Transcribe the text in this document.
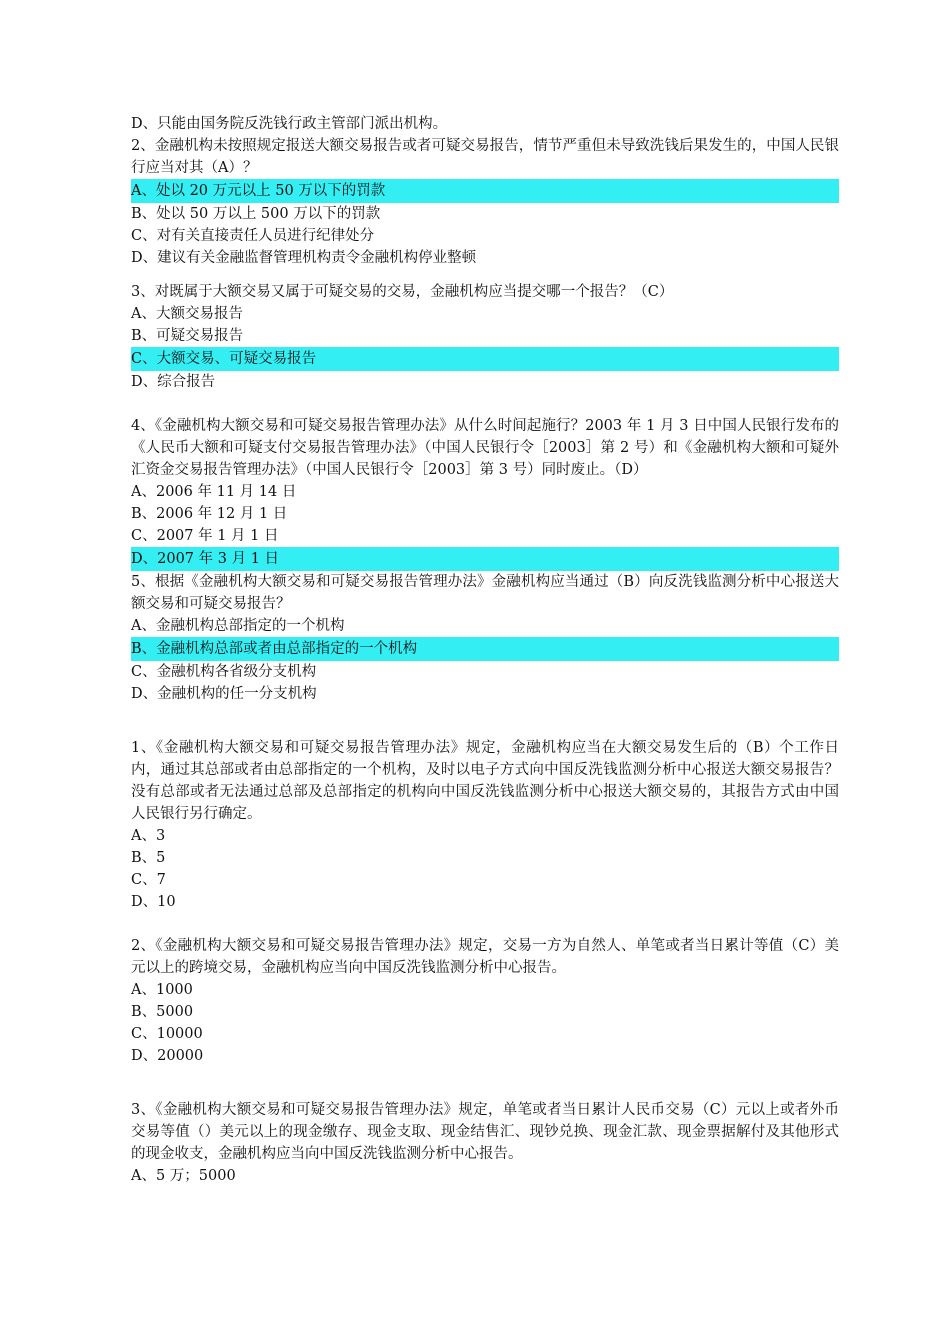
D、只能由国务院反洗钱行政主管部门派出机构。
2、金融机构未按照规定报送大额交易报告或者可疑交易报告，情节严重但未导致洗钱后果发生的，中国人民银行应当对其（A）？
A、处以 20 万元以上 50 万以下的罚款
B、处以 50 万以上 500 万以下的罚款
C、对有关直接责任人员进行纪律处分
D、建议有关金融监督管理机构责令金融机构停业整顿
3、对既属于大额交易又属于可疑交易的交易，金融机构应当提交哪一个报告？（C）
A、大额交易报告
B、可疑交易报告
C、大额交易、可疑交易报告
D、综合报告
4、《金融机构大额交易和可疑交易报告管理办法》从什么时间起施行？2003 年 1 月 3 日中国人民银行发布的《人民币大额和可疑支付交易报告管理办法》（中国人民银行令［2003］第 2 号）和《金融机构大额和可疑外汇资金交易报告管理办法》（中国人民银行令［2003］第 3 号）同时废止。（D）
A、2006 年 11 月 14 日
B、2006 年 12 月 1 日
C、2007 年 1 月 1 日
D、2007 年 3 月 1 日
5、根据《金融机构大额交易和可疑交易报告管理办法》金融机构应当通过（B）向反洗钱监测分析中心报送大额交易和可疑交易报告？
A、金融机构总部指定的一个机构
B、金融机构总部或者由总部指定的一个机构
C、金融机构各省级分支机构
D、金融机构的任一分支机构
1、《金融机构大额交易和可疑交易报告管理办法》规定，金融机构应当在大额交易发生后的（B）个工作日内，通过其总部或者由总部指定的一个机构，及时以电子方式向中国反洗钱监测分析中心报送大额交易报告？没有总部或者无法通过总部及总部指定的机构向中国反洗钱监测分析中心报送大额交易的，其报告方式由中国人民银行另行确定。
A、3
B、5
C、7
D、10
2、《金融机构大额交易和可疑交易报告管理办法》规定，交易一方为自然人、单笔或者当日累计等值（C）美元以上的跨境交易，金融机构应当向中国反洗钱监测分析中心报告。
A、1000
B、5000
C、10000
D、20000
3、《金融机构大额交易和可疑交易报告管理办法》规定，单笔或者当日累计人民币交易（C）元以上或者外币交易等值（）美元以上的现金缴存、现金支取、现金结售汇、现钞兑换、现金汇款、现金票据解付及其他形式的现金收支，金融机构应当向中国反洗钱监测分析中心报告。
A、5 万；5000
